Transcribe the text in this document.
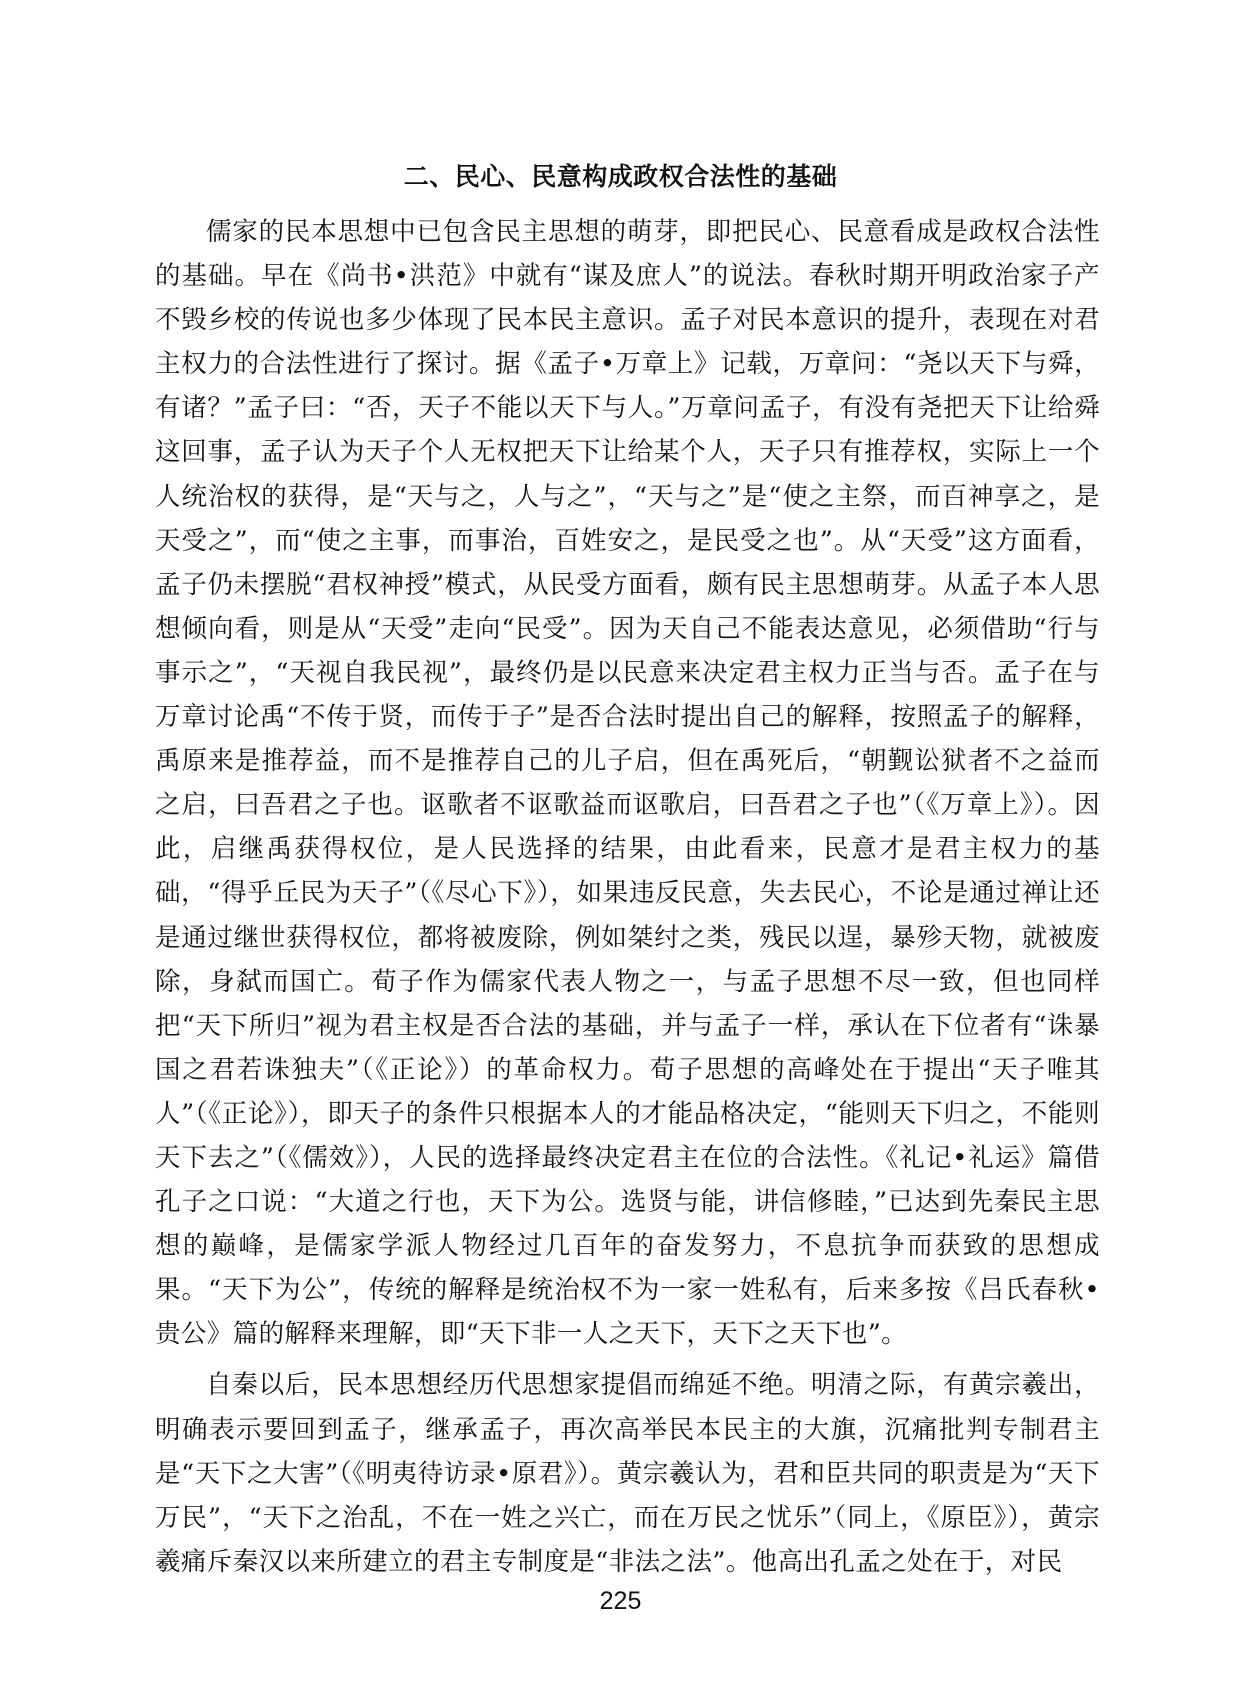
二、民心、民意构成政权合法性的基础

儒家的民本思想中已包含民主思想的萌芽，即把民心、民意看成是政权合法性的基础。早在《尚书•洪范》中就有“谋及庶人”的说法。春秋时期开明政治家子产不毁乡校的传说也多少体现了民本民主意识。孟子对民本意识的提升，表现在对君主权力的合法性进行了探讨。据《孟子•万章上》记载，万章问：“尧以天下与舜，有诸？”孟子曰：“否，天子不能以天下与人。”万章问孟子，有没有尧把天下让给舜这回事，孟子认为天子个人无权把天下让给某个人，天子只有推荐权，实际上一个人统治权的获得，是“天与之，人与之”，“天与之”是“使之主祭，而百神享之，是天受之”，而“使之主事，而事治，百姓安之，是民受之也”。从“天受”这方面看，孟子仍未摆脱“君权神授”模式，从民受方面看，颇有民主思想萌芽。从孟子本人思想倾向看，则是从“天受”走向“民受”。因为天自己不能表达意见，必须借助“行与事示之”，“天视自我民视”，最终仍是以民意来决定君主权力正当与否。孟子在与万章讨论禹“不传于贤，而传于子”是否合法时提出自己的解释，按照孟子的解释，禹原来是推荐益，而不是推荐自己的儿子启，但在禹死后，“朝觐讼狱者不之益而之启，曰吾君之子也。讴歌者不讴歌益而讴歌启，曰吾君之子也”（《万章上》）。因此，启继禹获得权位，是人民选择的结果，由此看来，民意才是君主权力的基础，“得乎丘民为天子”（《尽心下》），如果违反民意，失去民心，不论是通过禅让还是通过继世获得权位，都将被废除，例如桀纣之类，残民以逞，暴殄天物，就被废除，身弑而国亡。荀子作为儒家代表人物之一，与孟子思想不尽一致，但也同样把“天下所归”视为君主权是否合法的基础，并与孟子一样，承认在下位者有“诛暴国之君若诛独夫”（《正论》）的革命权力。荀子思想的高峰处在于提出“天子唯其人”（《正论》），即天子的条件只根据本人的才能品格决定，“能则天下归之，不能则天下去之”（《儒效》），人民的选择最终决定君主在位的合法性。《礼记•礼运》篇借孔子之口说：“大道之行也，天下为公。选贤与能，讲信修睦，”已达到先秦民主思想的巅峰，是儒家学派人物经过几百年的奋发努力，不息抗争而获致的思想成果。“天下为公”，传统的解释是统治权不为一家一姓私有，后来多按《吕氏春秋•贵公》篇的解释来理解，即“天下非一人之天下，天下之天下也”。

自秦以后，民本思想经历代思想家提倡而绵延不绝。明清之际，有黄宗羲出，明确表示要回到孟子，继承孟子，再次高举民本民主的大旗，沉痛批判专制君主是“天下之大害”（《明夷待访录•原君》）。黄宗羲认为，君和臣共同的职责是为“天下万民”，“天下之治乱，不在一姓之兴亡，而在万民之忧乐”（同上，《原臣》），黄宗羲痛斥秦汉以来所建立的君主专制度是“非法之法”。他高出孔孟之处在于，对民

225
